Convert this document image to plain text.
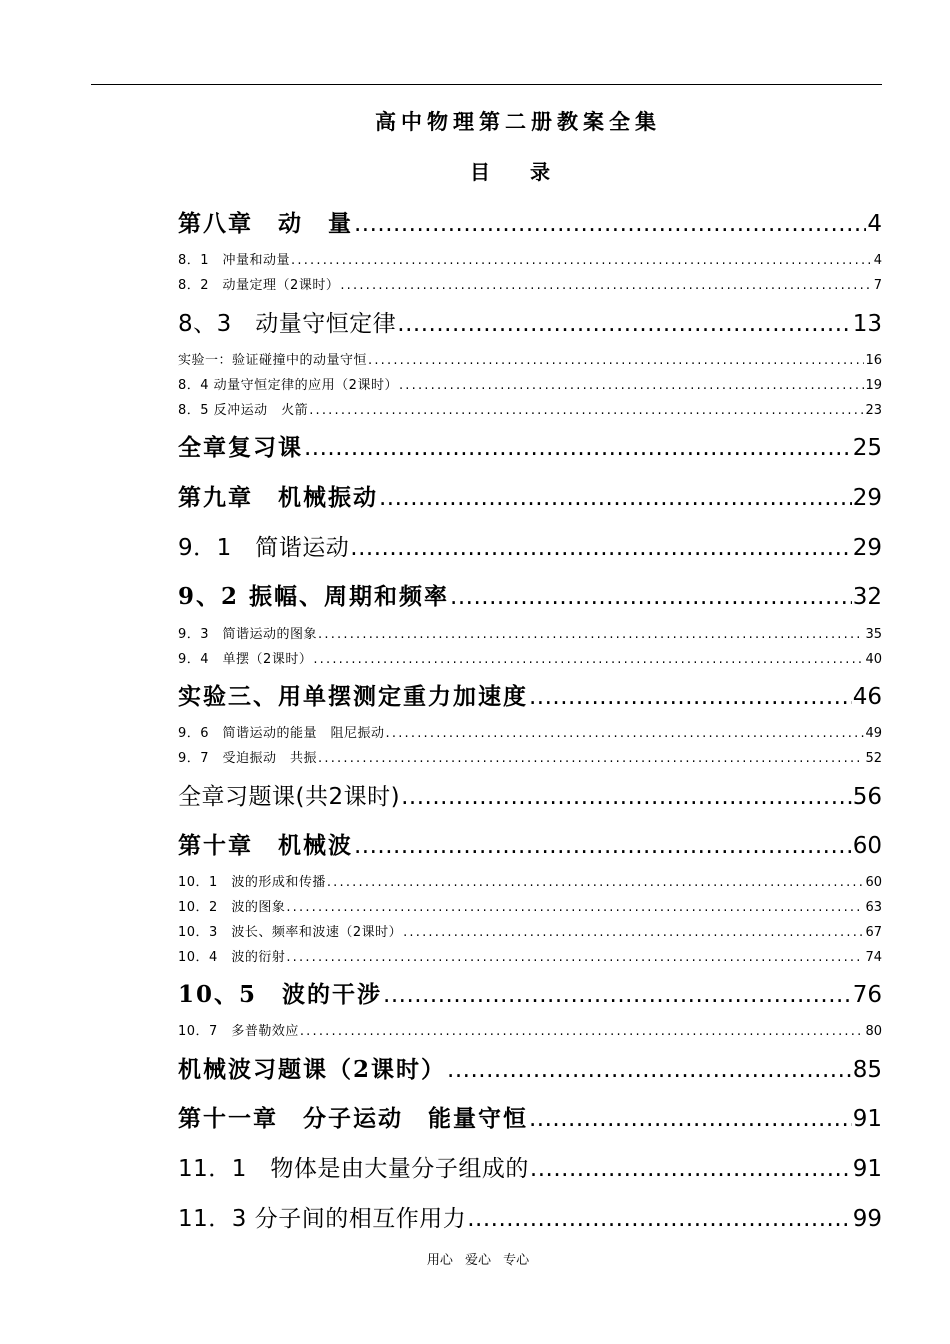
高中物理第二册教案全集
目　　录
第八章　动　量 .....	4
8．1　冲量和动量 .....	4
8．2　动量定理（2课时） .....	7
8、3　动量守恒定律 .....	13
实验一：验证碰撞中的动量守恒 .....	16
8．4 动量守恒定律的应用（2课时） .....	19
8．5 反冲运动　火箭 .....	23
全章复习课 .....	25
第九章　机械振动 .....	29
9．1　简谐运动 .....	29
9、2 振幅、周期和频率 .....	32
9．3　简谐运动的图象 .....	35
9．4　单摆（2课时） .....	40
实验三、用单摆测定重力加速度 .....	46
9．6　简谐运动的能量　阻尼振动 .....	49
9．7　受迫振动　共振 .....	52
全章习题课(共2课时) .....	56
第十章　机械波 .....	60
10．1　波的形成和传播 .....	60
10．2　波的图象 .....	63
10．3　波长、频率和波速（2课时） .....	67
10．4　波的衍射 .....	74
10、5　波的干涉 .....	76
10．7　多普勒效应 .....	80
机械波习题课（2课时） .....	85
第十一章　分子运动　能量守恒 .....	91
11．1　物体是由大量分子组成的 .....	91
11．3 分子间的相互作用力 .....	99
用心 爱心 专心
